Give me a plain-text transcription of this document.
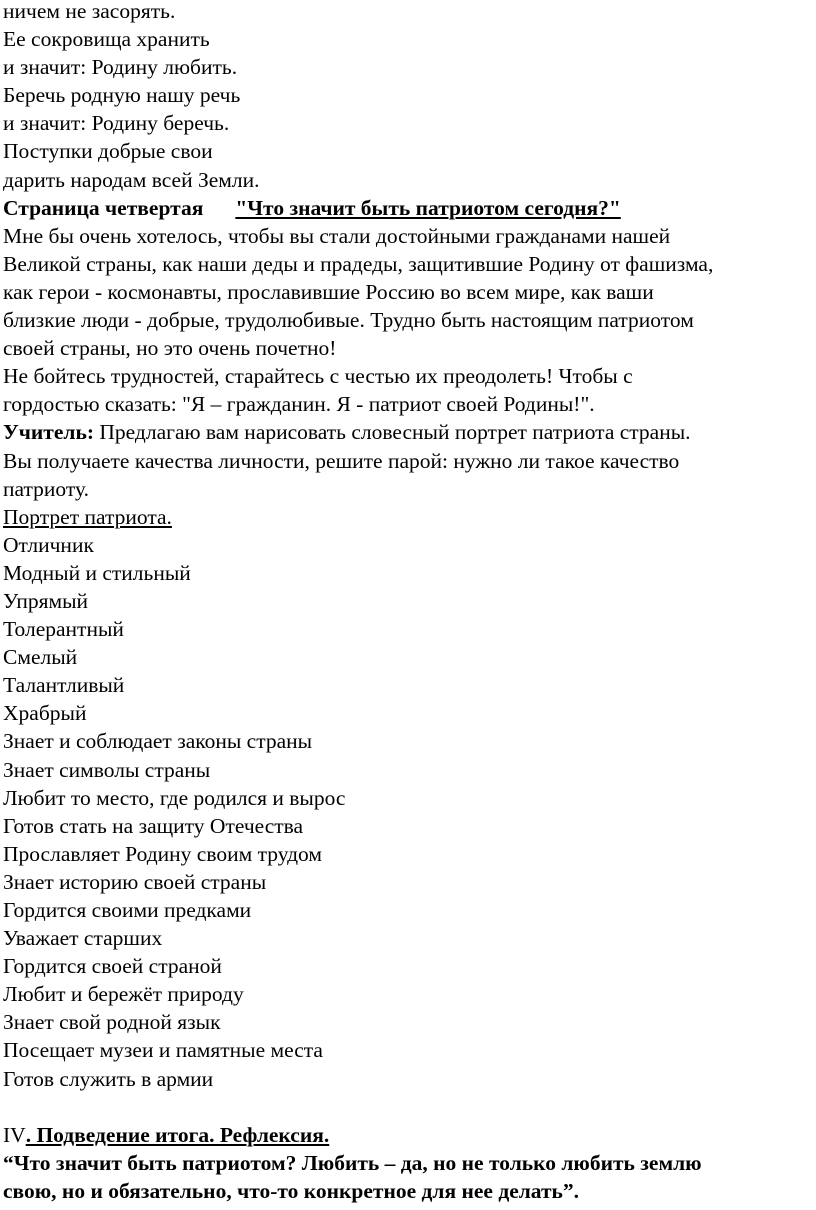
ничем не засорять.
Ее сокровища хранить
и значит: Родину любить.
Беречь родную нашу речь
и значит: Родину беречь.
Поступки добрые свои
дарить народам всей Земли.
Страница четвертая "Что значит быть патриотом сегодня?"
Мне бы очень хотелось, чтобы вы стали достойными гражданами нашей
Великой страны, как наши деды и прадеды, защитившие Родину от фашизма,
как герои - космонавты, прославившие Россию во всем мире, как ваши
близкие люди - добрые, трудолюбивые. Трудно быть настоящим патриотом
своей страны, но это очень почетно!
Не бойтесь трудностей, старайтесь с честью их преодолеть! Чтобы с
гордостью сказать: "Я – гражданин. Я - патриот своей Родины!".
Учитель: Предлагаю вам нарисовать словесный портрет патриота страны.
Вы получаете качества личности, решите парой: нужно ли такое качество
патриоту.
Портрет патриота.
Отличник
Модный и стильный
Упрямый
Толерантный
Смелый
Талантливый
Храбрый
Знает и соблюдает законы страны
Знает символы страны
Любит то место, где родился и вырос
Готов стать на защиту Отечества
Прославляет Родину своим трудом
Знает историю своей страны
Гордится своими предками
Уважает старших
Гордится своей страной
Любит и бережёт природу
Знает свой родной язык
Посещает музеи и памятные места
Готов служить в армии
IV. Подведение итога. Рефлексия.
“Что значит быть патриотом? Любить – да, но не только любить землю
свою, но и обязательно, что-то конкретное для нее делать”.
